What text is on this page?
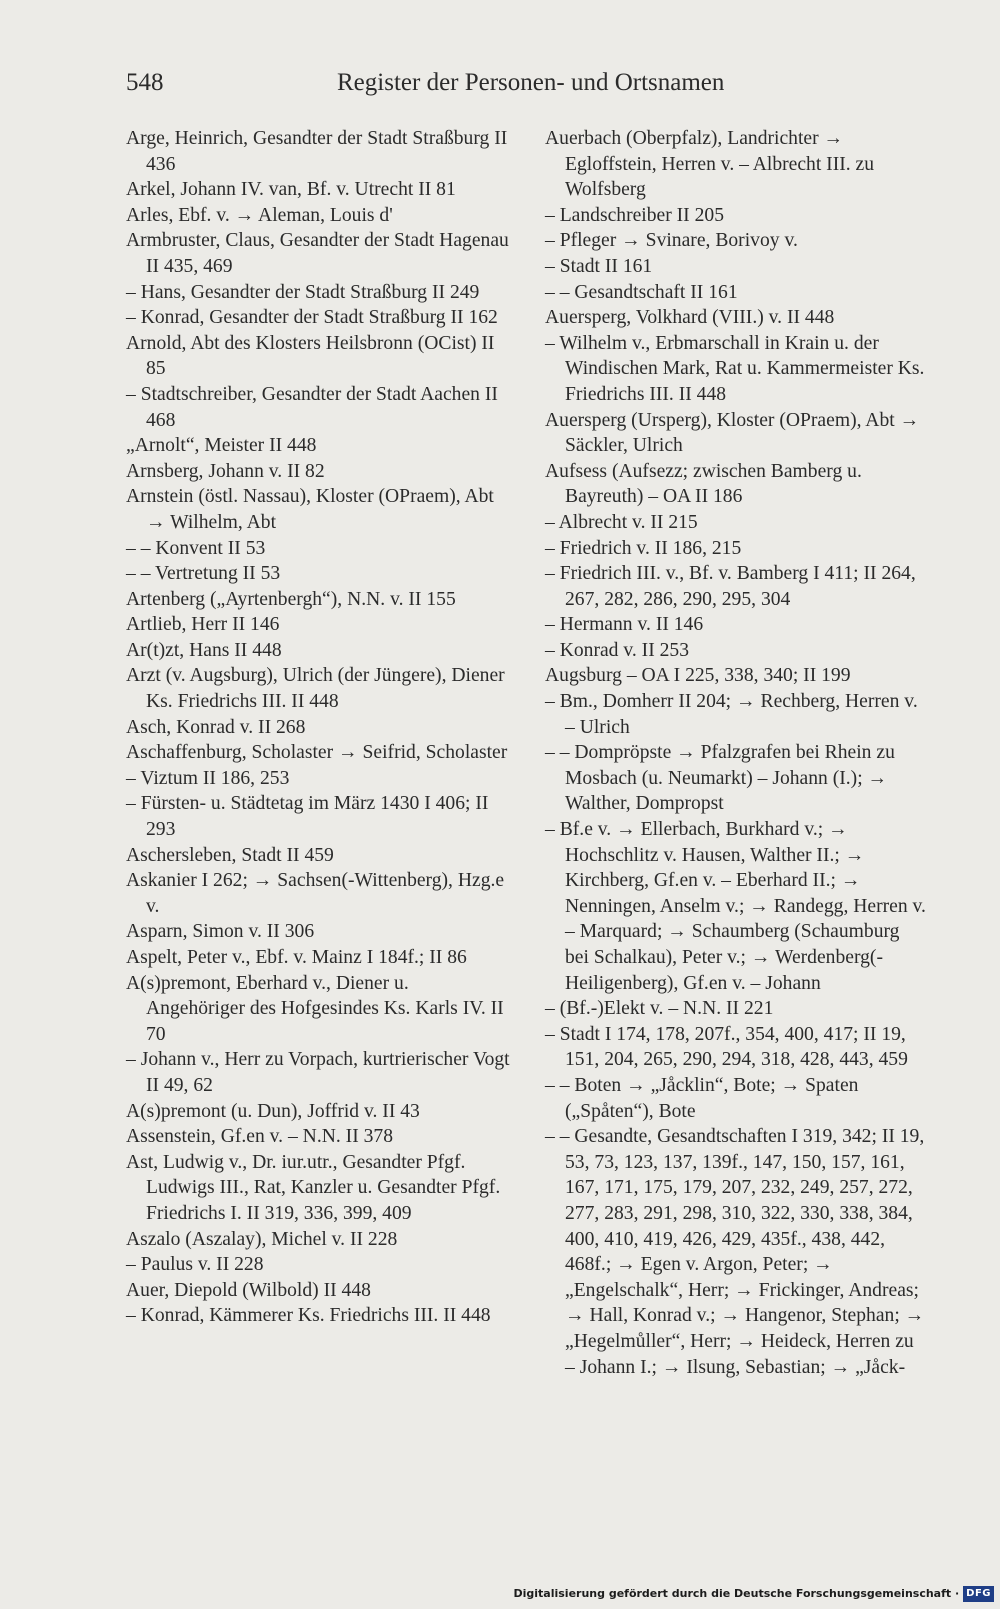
548	Register der Personen- und Ortsnamen
Arge, Heinrich, Gesandter der Stadt Straßburg II 436
Arkel, Johann IV. van, Bf. v. Utrecht II 81
Arles, Ebf. v. → Aleman, Louis d'
Armbruster, Claus, Gesandter der Stadt Hagenau II 435, 469
– Hans, Gesandter der Stadt Straßburg II 249
– Konrad, Gesandter der Stadt Straßburg II 162
Arnold, Abt des Klosters Heilsbronn (OCist) II 85
– Stadtschreiber, Gesandter der Stadt Aachen II 468
„Arnolt“, Meister II 448
Arnsberg, Johann v. II 82
Arnstein (östl. Nassau), Kloster (OPraem), Abt → Wilhelm, Abt
– – Konvent II 53
– – Vertretung II 53
Artenberg („Ayrtenbergh“), N.N. v. II 155
Artlieb, Herr II 146
Ar(t)zt, Hans II 448
Arzt (v. Augsburg), Ulrich (der Jüngere), Diener Ks. Friedrichs III. II 448
Asch, Konrad v. II 268
Aschaffenburg, Scholaster → Seifrid, Scholaster
– Viztum II 186, 253
– Fürsten- u. Städtetag im März 1430 I 406; II 293
Aschersleben, Stadt II 459
Askanier I 262; → Sachsen(-Wittenberg), Hzg.e v.
Asparn, Simon v. II 306
Aspelt, Peter v., Ebf. v. Mainz I 184f.; II 86
A(s)premont, Eberhard v., Diener u. Angehöriger des Hofgesindes Ks. Karls IV. II 70
– Johann v., Herr zu Vorpach, kurtrierischer Vogt II 49, 62
A(s)premont (u. Dun), Joffrid v. II 43
Assenstein, Gf.en v. – N.N. II 378
Ast, Ludwig v., Dr. iur.utr., Gesandter Pfgf. Ludwigs III., Rat, Kanzler u. Gesandter Pfgf. Friedrichs I. II 319, 336, 399, 409
Aszalo (Aszalay), Michel v. II 228
– Paulus v. II 228
Auer, Diepold (Wilbold) II 448
– Konrad, Kämmerer Ks. Friedrichs III. II 448
Auerbach (Oberpfalz), Landrichter → Egloffstein, Herren v. – Albrecht III. zu Wolfsberg
– Landschreiber II 205
– Pfleger → Svinare, Borivoy v.
– Stadt II 161
– – Gesandtschaft II 161
Auersperg, Volkhard (VIII.) v. II 448
– Wilhelm v., Erbmarschall in Krain u. der Windischen Mark, Rat u. Kammermeister Ks. Friedrichs III. II 448
Auersperg (Ursperg), Kloster (OPraem), Abt → Säckler, Ulrich
Aufsess (Aufsezz; zwischen Bamberg u. Bayreuth) – OA II 186
– Albrecht v. II 215
– Friedrich v. II 186, 215
– Friedrich III. v., Bf. v. Bamberg I 411; II 264, 267, 282, 286, 290, 295, 304
– Hermann v. II 146
– Konrad v. II 253
Augsburg – OA I 225, 338, 340; II 199
– Bm., Domherr II 204; → Rechberg, Herren v. – Ulrich
– – Dompröpste → Pfalzgrafen bei Rhein zu Mosbach (u. Neumarkt) – Johann (I.); → Walther, Dompropst
– Bf.e v. → Ellerbach, Burkhard v.; → Hochschlitz v. Hausen, Walther II.; → Kirchberg, Gf.en v. – Eberhard II.; → Nenningen, Anselm v.; → Randegg, Herren v. – Marquard; → Schaumberg (Schaumburg bei Schalkau), Peter v.; → Werdenberg(-Heiligenberg), Gf.en v. – Johann
– (Bf.-)Elekt v. – N.N. II 221
– Stadt I 174, 178, 207f., 354, 400, 417; II 19, 151, 204, 265, 290, 294, 318, 428, 443, 459
– – Boten → „Jåcklin“, Bote; → Spaten („Spåten“), Bote
– – Gesandte, Gesandtschaften I 319, 342; II 19, 53, 73, 123, 137, 139f., 147, 150, 157, 161, 167, 171, 175, 179, 207, 232, 249, 257, 272, 277, 283, 291, 298, 310, 322, 330, 338, 384, 400, 410, 419, 426, 429, 435f., 438, 442, 468f.; → Egen v. Argon, Peter; → „Engelschalk“, Herr; → Frickinger, Andreas; → Hall, Konrad v.; → Hangenor, Stephan; → „Hegelmůller“, Herr; → Heideck, Herren zu – Johann I.; → Ilsung, Sebastian; → „Jåck-
Digitalisierung gefördert durch die Deutsche Forschungsgemeinschaft · DFG
